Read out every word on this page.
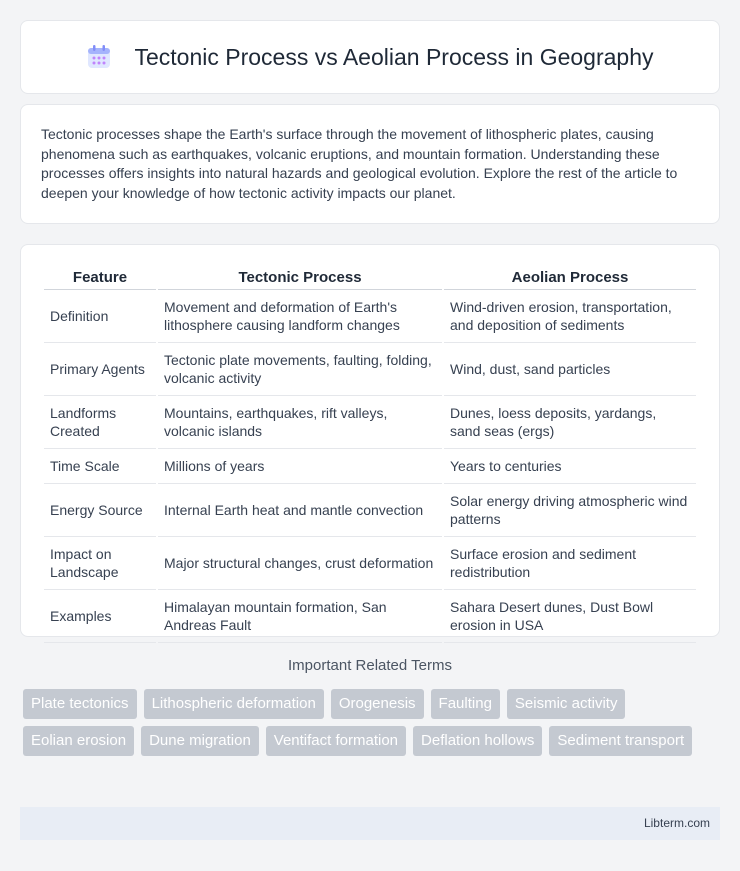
Tectonic Process vs Aeolian Process in Geography

Tectonic processes shape the Earth's surface through the movement of lithospheric plates, causing phenomena such as earthquakes, volcanic eruptions, and mountain formation. Understanding these processes offers insights into natural hazards and geological evolution. Explore the rest of the article to deepen your knowledge of how tectonic activity impacts our planet.

Feature	Tectonic Process	Aeolian Process
Definition	Movement and deformation of Earth's lithosphere causing landform changes	Wind-driven erosion, transportation, and deposition of sediments
Primary Agents	Tectonic plate movements, faulting, folding, volcanic activity	Wind, dust, sand particles
Landforms Created	Mountains, earthquakes, rift valleys, volcanic islands	Dunes, loess deposits, yardangs, sand seas (ergs)
Time Scale	Millions of years	Years to centuries
Energy Source	Internal Earth heat and mantle convection	Solar energy driving atmospheric wind patterns
Impact on Landscape	Major structural changes, crust deformation	Surface erosion and sediment redistribution
Examples	Himalayan mountain formation, San Andreas Fault	Sahara Desert dunes, Dust Bowl erosion in USA
Important Related Terms
Plate tectonics	Lithospheric deformation	Orogenesis	Faulting	Seismic activity
Eolian erosion	Dune migration	Ventifact formation	Deflation hollows	Sediment transport
Libterm.com
